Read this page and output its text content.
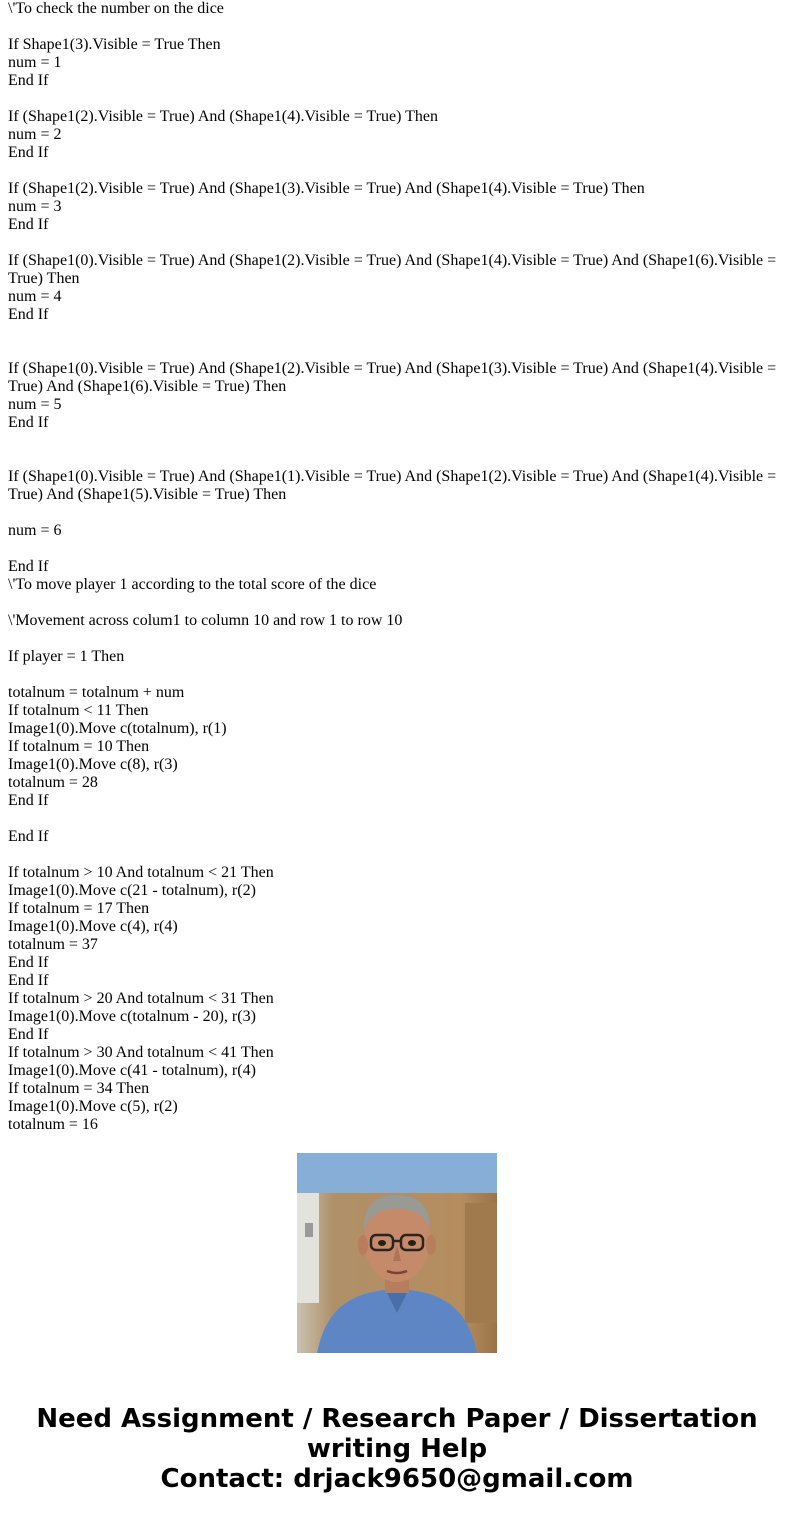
\'To check the number on the dice
If Shape1(3).Visible = True Then
num = 1
End If
If (Shape1(2).Visible = True) And (Shape1(4).Visible = True) Then
num = 2
End If
If (Shape1(2).Visible = True) And (Shape1(3).Visible = True) And (Shape1(4).Visible = True) Then
num = 3
End If
If (Shape1(0).Visible = True) And (Shape1(2).Visible = True) And (Shape1(4).Visible = True) And (Shape1(6).Visible = True) Then
num = 4
End If
If (Shape1(0).Visible = True) And (Shape1(2).Visible = True) And (Shape1(3).Visible = True) And (Shape1(4).Visible = True) And (Shape1(6).Visible = True) Then
num = 5
End If
If (Shape1(0).Visible = True) And (Shape1(1).Visible = True) And (Shape1(2).Visible = True) And (Shape1(4).Visible = True) And (Shape1(5).Visible = True) Then
num = 6
End If
\'To move player 1 according to the total score of the dice
\'Movement across colum1 to column 10 and row 1 to row 10
If player = 1 Then
totalnum = totalnum + num
If totalnum < 11 Then
Image1(0).Move c(totalnum), r(1)
If totalnum = 10 Then
Image1(0).Move c(8), r(3)
totalnum = 28
End If
End If
If totalnum > 10 And totalnum < 21 Then
Image1(0).Move c(21 - totalnum), r(2)
If totalnum = 17 Then
Image1(0).Move c(4), r(4)
totalnum = 37
End If
End If
If totalnum > 20 And totalnum < 31 Then
Image1(0).Move c(totalnum - 20), r(3)
End If
If totalnum > 30 And totalnum < 41 Then
Image1(0).Move c(41 - totalnum), r(4)
If totalnum = 34 Then
Image1(0).Move c(5), r(2)
totalnum = 16
Need Assignment / Research Paper / Dissertation writing Help
Contact: drjack9650@gmail.com
